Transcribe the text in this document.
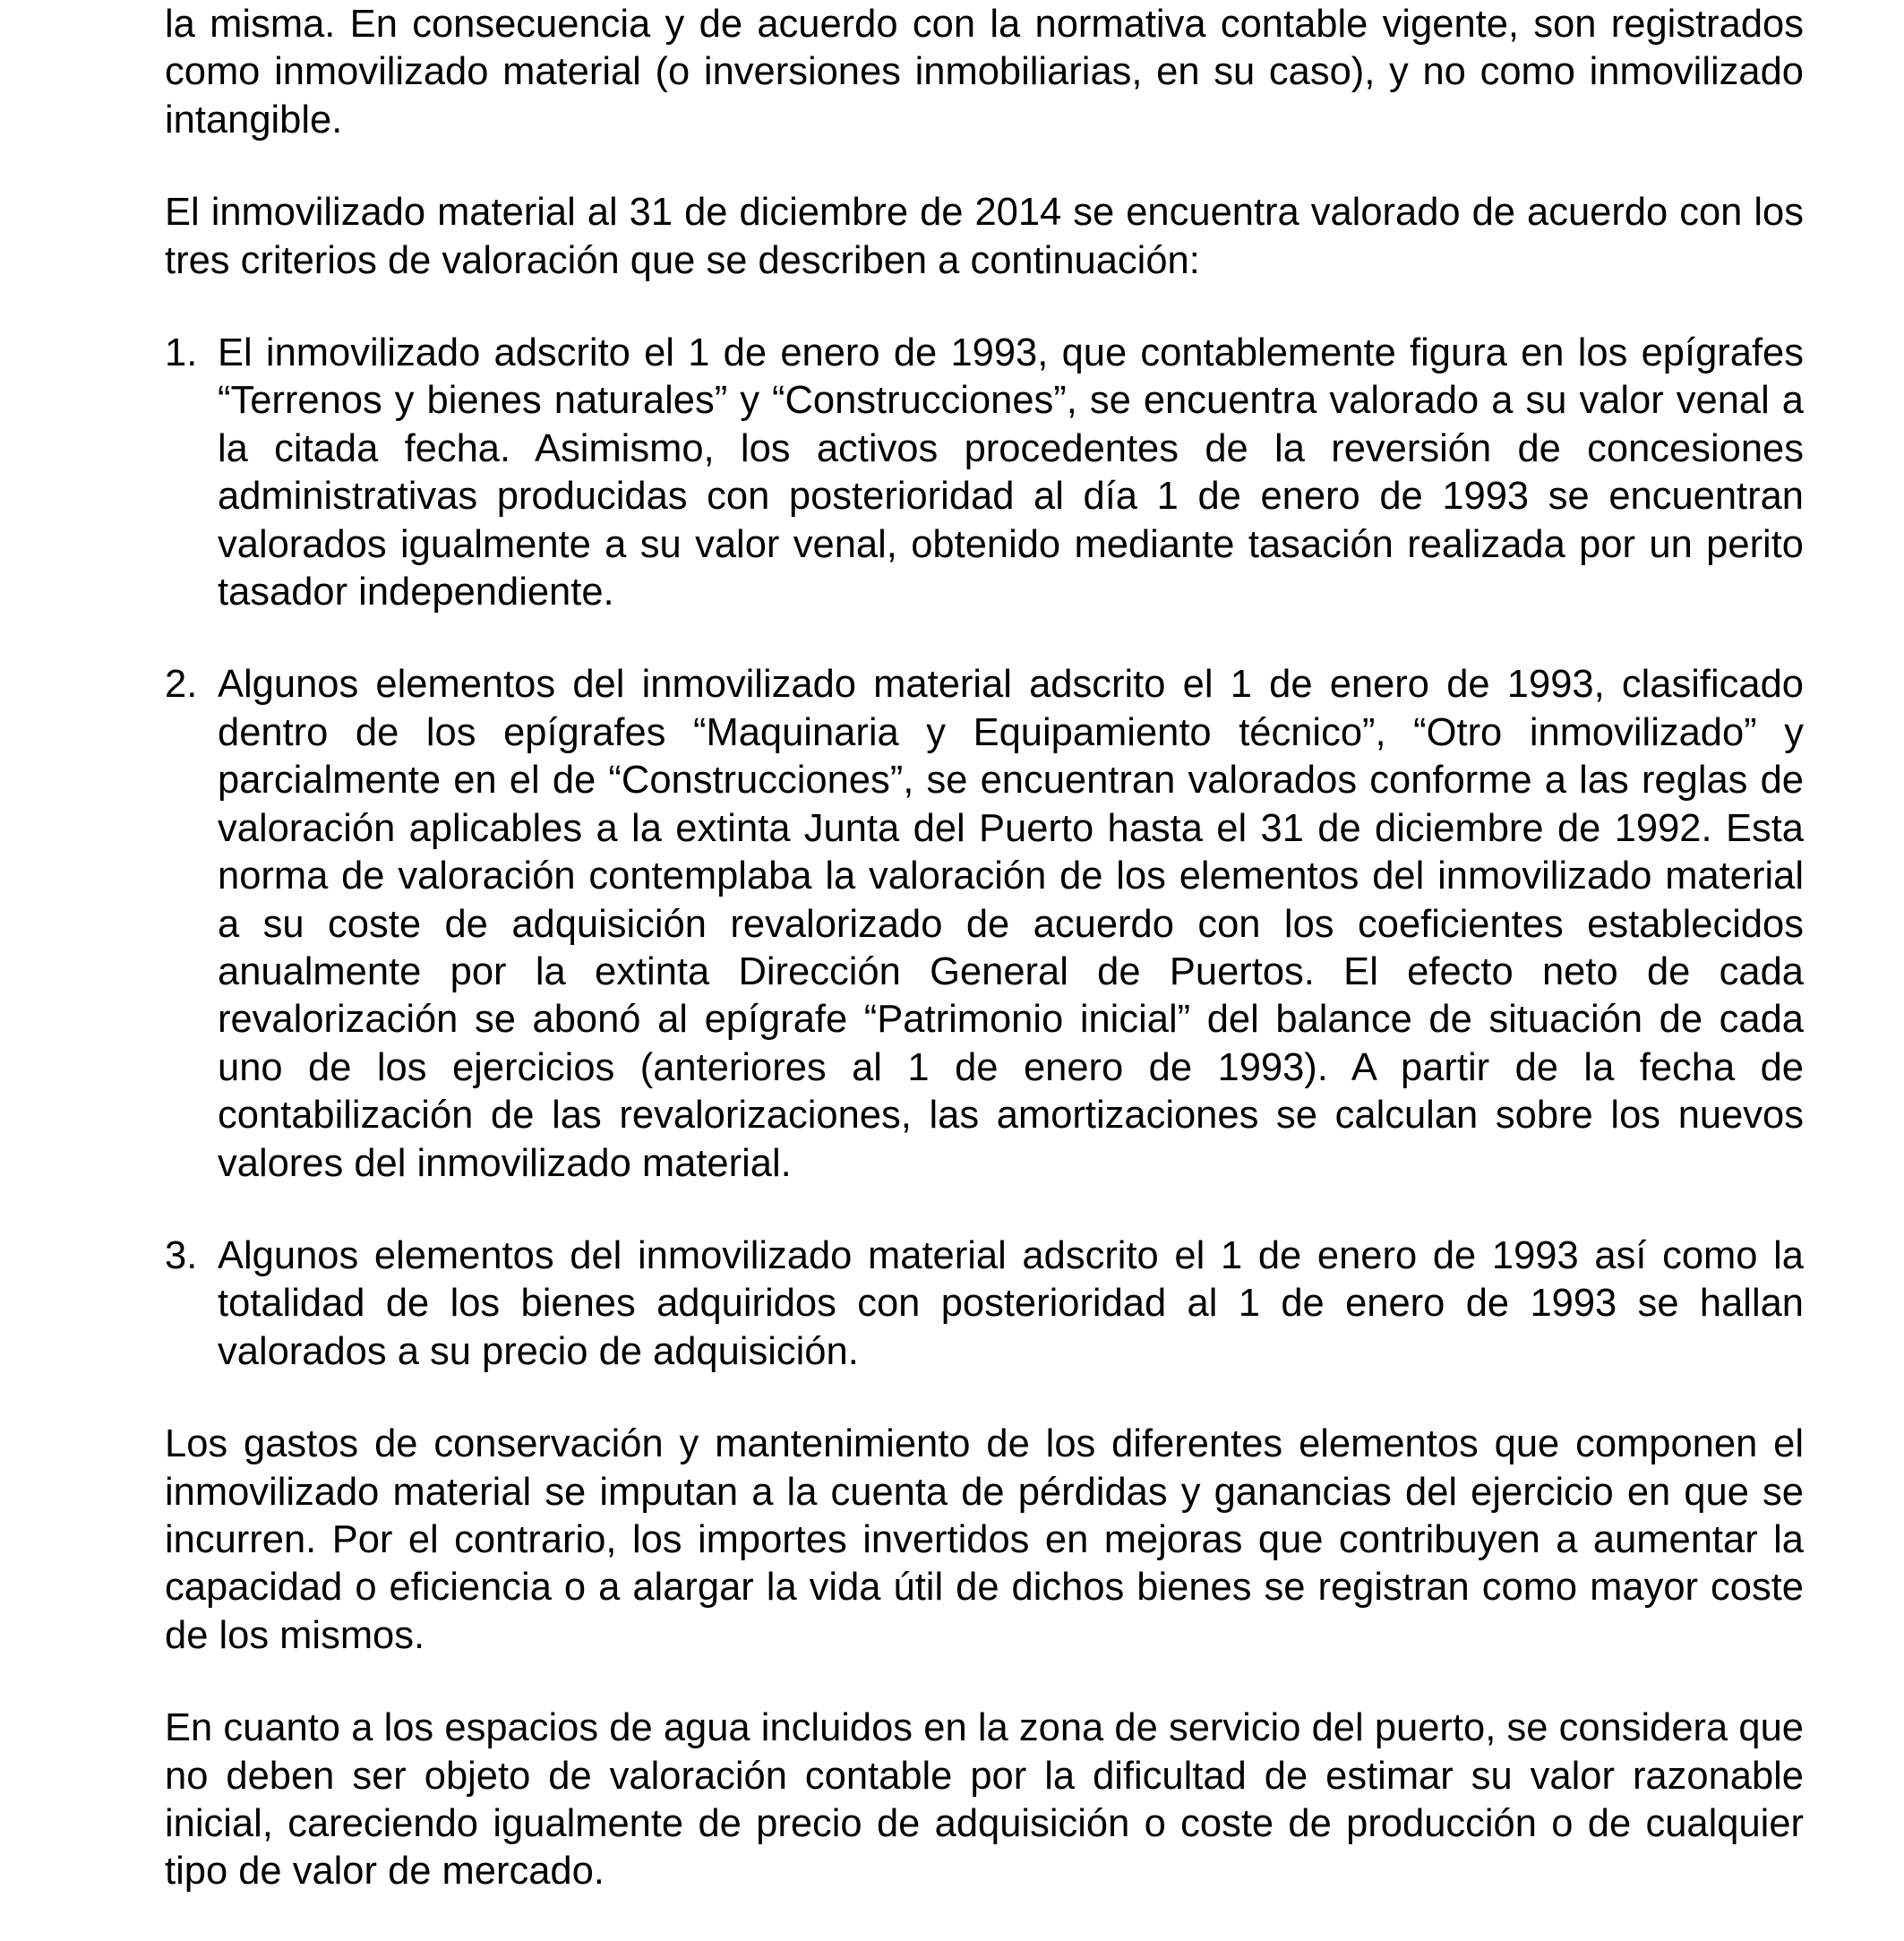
la misma. En consecuencia y de acuerdo con la normativa contable vigente, son registrados como inmovilizado material (o inversiones inmobiliarias, en su caso), y no como inmovilizado intangible.

El inmovilizado material al 31 de diciembre de 2014 se encuentra valorado de acuerdo con los tres criterios de valoración que se describen a continuación:

1. El inmovilizado adscrito el 1 de enero de 1993, que contablemente figura en los epígrafes “Terrenos y bienes naturales” y “Construcciones”, se encuentra valorado a su valor venal a la citada fecha. Asimismo, los activos procedentes de la reversión de concesiones administrativas producidas con posterioridad al día 1 de enero de 1993 se encuentran valorados igualmente a su valor venal, obtenido mediante tasación realizada por un perito tasador independiente.
2. Algunos elementos del inmovilizado material adscrito el 1 de enero de 1993, clasificado dentro de los epígrafes “Maquinaria y Equipamiento técnico”, “Otro inmovilizado” y parcialmente en el de “Construcciones”, se encuentran valorados conforme a las reglas de valoración aplicables a la extinta Junta del Puerto hasta el 31 de diciembre de 1992. Esta norma de valoración contemplaba la valoración de los elementos del inmovilizado material a su coste de adquisición revalorizado de acuerdo con los coeficientes establecidos anualmente por la extinta Dirección General de Puertos. El efecto neto de cada revalorización se abonó al epígrafe “Patrimonio inicial” del balance de situación de cada uno de los ejercicios (anteriores al 1 de enero de 1993). A partir de la fecha de contabilización de las revalorizaciones, las amortizaciones se calculan sobre los nuevos valores del inmovilizado material.
3. Algunos elementos del inmovilizado material adscrito el 1 de enero de 1993 así como la totalidad de los bienes adquiridos con posterioridad al 1 de enero de 1993 se hallan valorados a su precio de adquisición.

Los gastos de conservación y mantenimiento de los diferentes elementos que componen el inmovilizado material se imputan a la cuenta de pérdidas y ganancias del ejercicio en que se incurren. Por el contrario, los importes invertidos en mejoras que contribuyen a aumentar la capacidad o eficiencia o a alargar la vida útil de dichos bienes se registran como mayor coste de los mismos.

En cuanto a los espacios de agua incluidos en la zona de servicio del puerto, se considera que no deben ser objeto de valoración contable por la dificultad de estimar su valor razonable inicial, careciendo igualmente de precio de adquisición o coste de producción o de cualquier tipo de valor de mercado.
